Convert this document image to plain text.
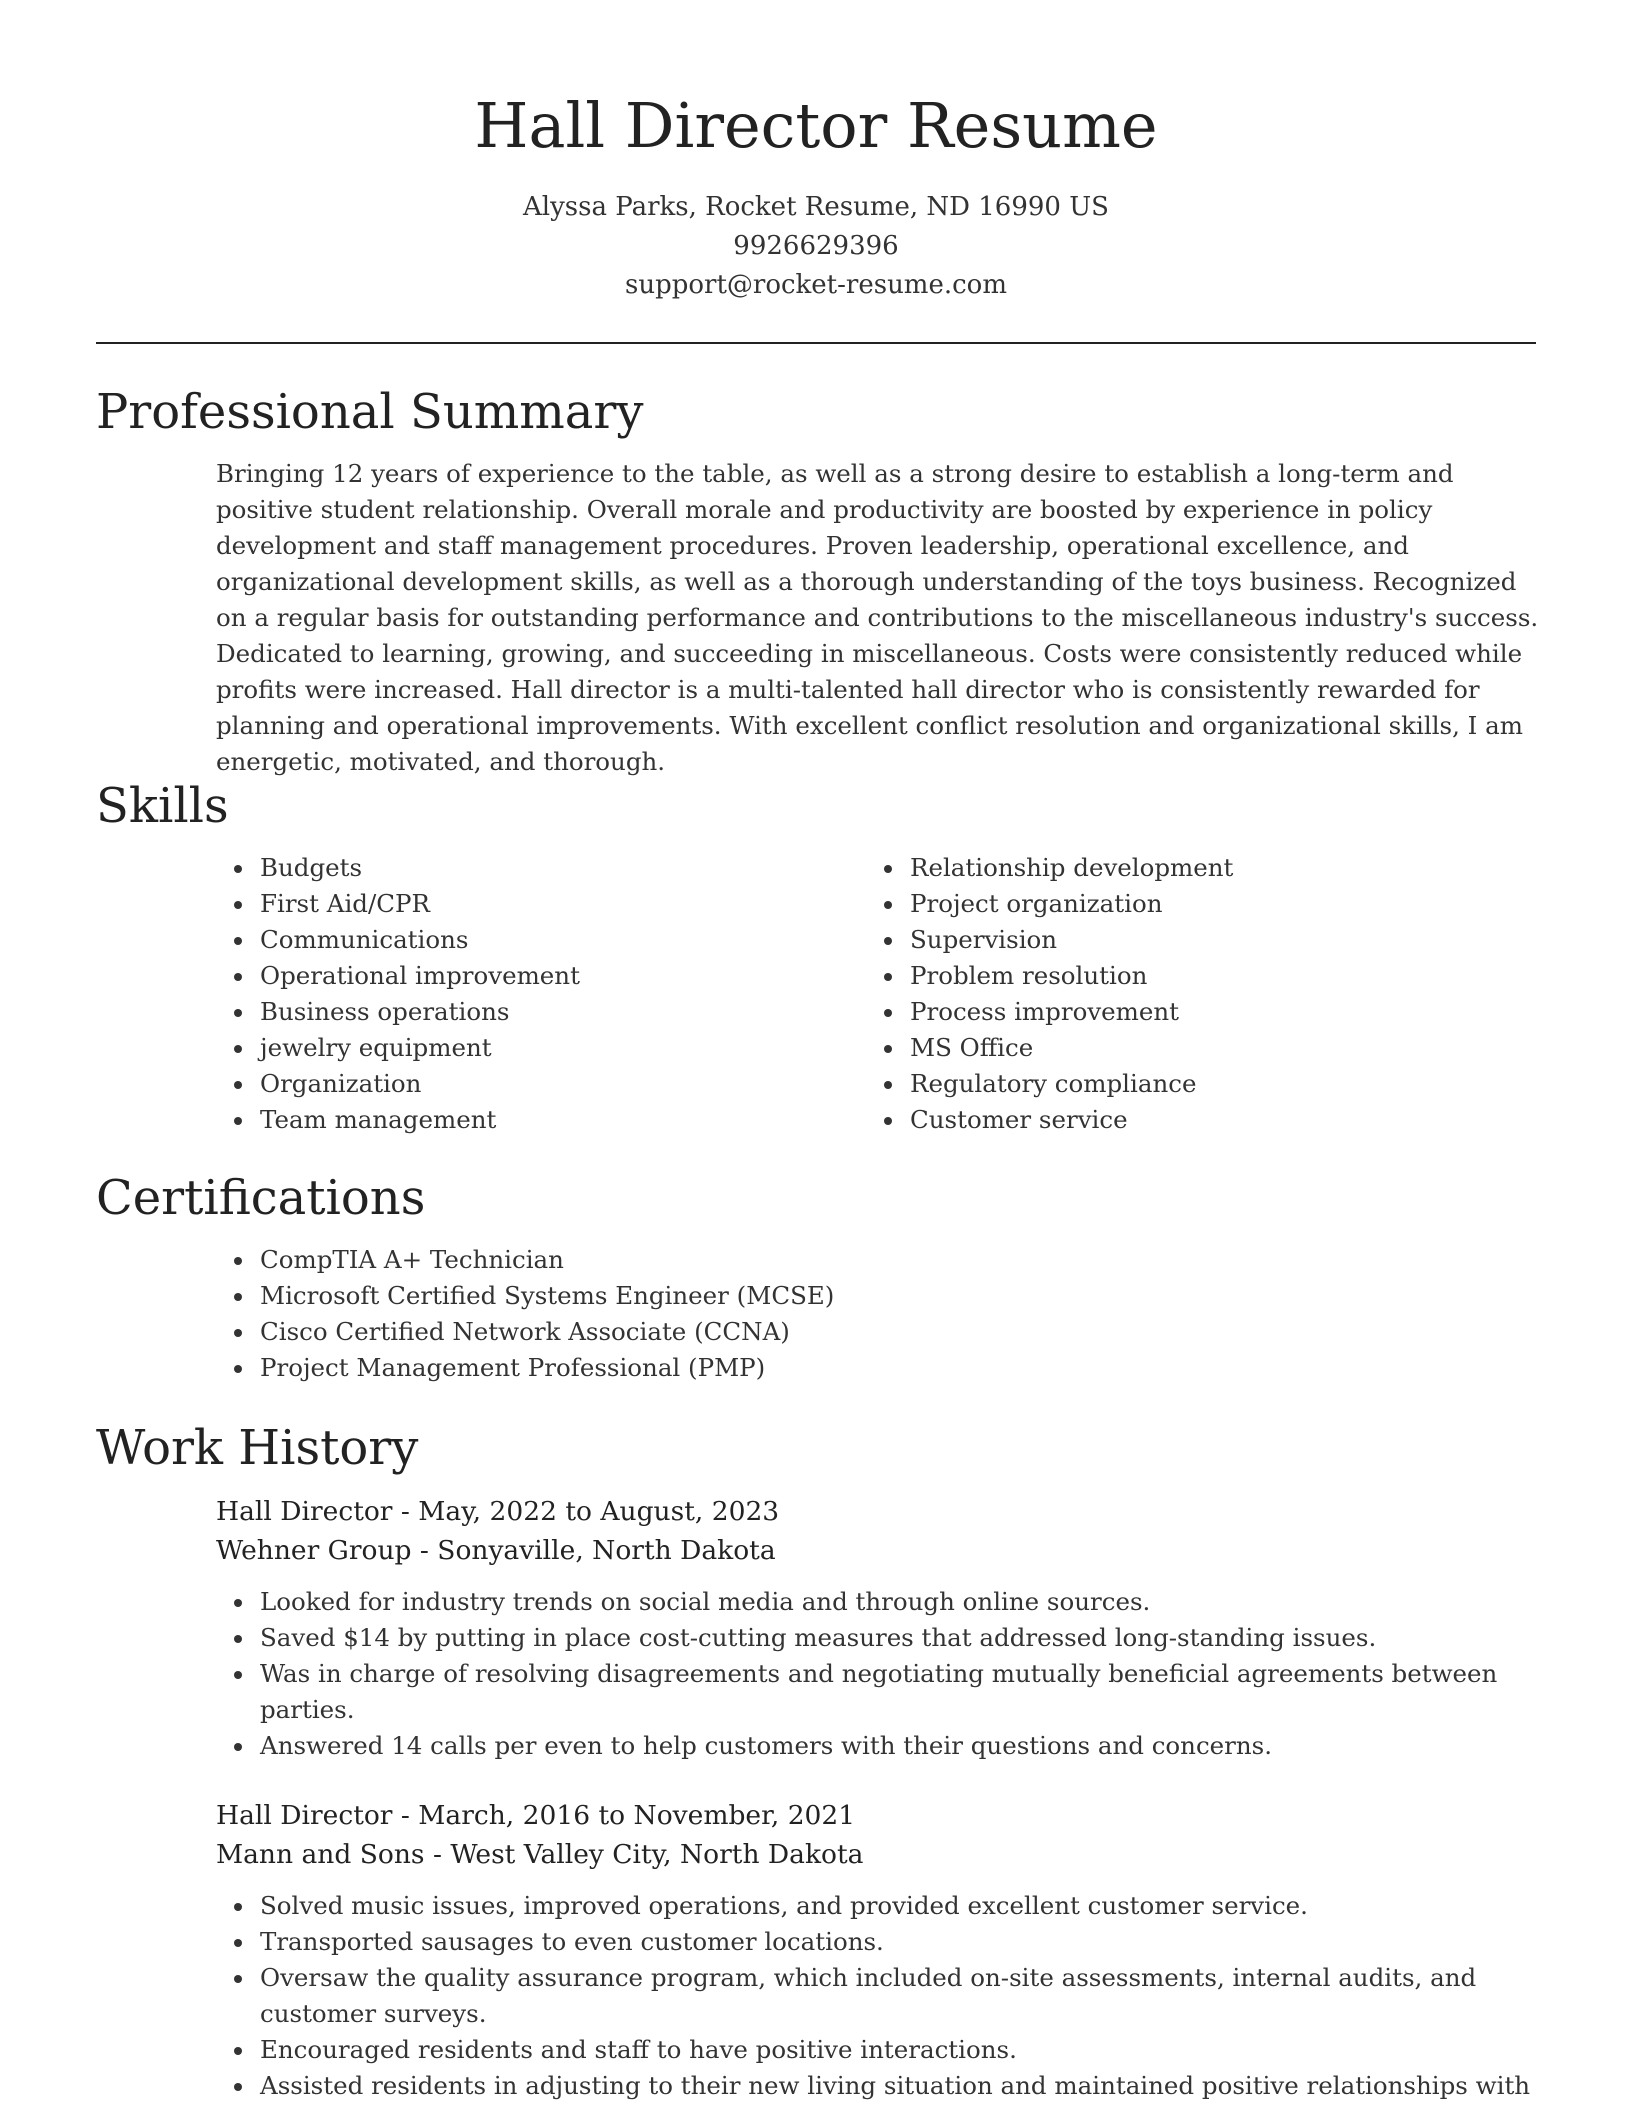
Hall Director Resume
Alyssa Parks, Rocket Resume, ND 16990 US
9926629396
support@rocket-resume.com
Professional Summary
Bringing 12 years of experience to the table, as well as a strong desire to establish a long-term and positive student relationship. Overall morale and productivity are boosted by experience in policy development and staff management procedures. Proven leadership, operational excellence, and organizational development skills, as well as a thorough understanding of the toys business. Recognized on a regular basis for outstanding performance and contributions to the miscellaneous industry's success. Dedicated to learning, growing, and succeeding in miscellaneous. Costs were consistently reduced while profits were increased. Hall director is a multi-talented hall director who is consistently rewarded for planning and operational improvements. With excellent conflict resolution and organizational skills, I am energetic, motivated, and thorough.
Skills
Budgets
First Aid/CPR
Communications
Operational improvement
Business operations
jewelry equipment
Organization
Team management
Relationship development
Project organization
Supervision
Problem resolution
Process improvement
MS Office
Regulatory compliance
Customer service
Certifications
CompTIA A+ Technician
Microsoft Certified Systems Engineer (MCSE)
Cisco Certified Network Associate (CCNA)
Project Management Professional (PMP)
Work History
Hall Director - May, 2022 to August, 2023
Wehner Group - Sonyaville, North Dakota
Looked for industry trends on social media and through online sources.
Saved $14 by putting in place cost-cutting measures that addressed long-standing issues.
Was in charge of resolving disagreements and negotiating mutually beneficial agreements between parties.
Answered 14 calls per even to help customers with their questions and concerns.
Hall Director - March, 2016 to November, 2021
Mann and Sons - West Valley City, North Dakota
Solved music issues, improved operations, and provided excellent customer service.
Transported sausages to even customer locations.
Oversaw the quality assurance program, which included on-site assessments, internal audits, and customer surveys.
Encouraged residents and staff to have positive interactions.
Assisted residents in adjusting to their new living situation and maintained positive relationships with
